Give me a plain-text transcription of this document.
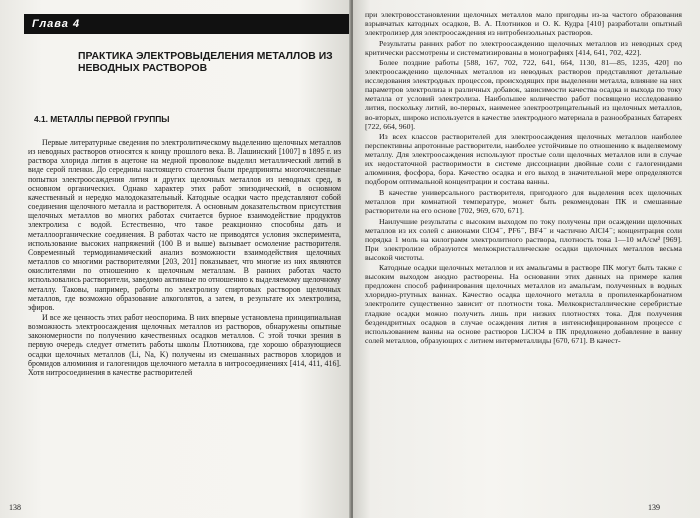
Глава 4
ПРАКТИКА ЭЛЕКТРОВЫДЕЛЕНИЯ МЕТАЛЛОВ ИЗ НЕВОДНЫХ РАСТВОРОВ
4.1. МЕТАЛЛЫ ПЕРВОЙ ГРУППЫ

Первые литературные сведения по электролитическому выделению щелочных металлов из неводных растворов относятся к концу прошлого века. В. Лашинский [1007] в 1895 г. из раствора хлорида лития в ацетоне на медной проволоке выделил металлический литий в виде серой пленки. До середины настоящего столетия были предприняты многочисленные попытки электроосаждения лития и других щелочных металлов из неводных сред, в основном органических. Однако характер этих работ эпизодический, в основном качественный и нередко малодоказательный. Катодные осадки часто представляют собой соединения щелочного металла и растворителя. А основным доказательством присутствия щелочных металлов во многих работах считается бурное взаимодействие продуктов электролиза с водой. Естественно, что такое реакционно способны дать и металлоорганические соединения. В работах часто не приводятся условия эксперимента, использование высоких напряжений (100 В и выше) вызывает осмоление растворителя. Современный термодинамический анализ возможности взаимодействия щелочных металлов со многими растворителями [203, 201] показывает, что многие из них являются окислителями по отношению к щелочным металлам. В ранних работах часто использовались растворители, заведомо активные по отношению к выделяемому щелочному металлу. Таковы, например, работы по электролизу спиртовых растворов щелочных металлов, где возможно образование алкоголятов, а затем, в результате их электролиза, эфиров.

И все же ценность этих работ неоспорима. В них впервые установлена принципиальная возможность электроосаждения щелочных металлов из растворов, обнаружены опытные закономерности по получению качественных осадков металлов. С этой точки зрения в первую очередь следует отметить работы школы Плотникова, где хорошо образующиеся осадки щелочных металлов (Li, Na, K) получены из смешанных растворов хлоридов и бромидов алюминия и галогенидов щелочного металла в нитросоединениях [414, 411, 416]. Хотя нитросоединения в качестве растворителей

138

при электровосстановлении щелочных металлов мало пригодны из-за частого образования взрывчатых катодных осадков, В. А. Плотников и О. К. Кудра [410] разработали опытный электролизер для электроосаждения из нитробензольных растворов.

Результаты ранних работ по электроосаждению щелочных металлов из неводных сред критически рассмотрены и систематизированы в монографиях [414, 641, 702, 422].

Более поздние работы [588, 167, 702, 722, 641, 664, 1130, 81—85, 1235, 420] по электроосаждению щелочных металлов из неводных растворов представляют детальные исследования электродных процессов, происходящих при выделении металла, влияние на них параметров электролиза и различных добавок, зависимости качества осадка и выхода по току металла от условий электролиза. Наибольшее количество работ посвящено исследованию лития, поскольку литий, во-первых, наименее электроотрицательный из щелочных металлов, во-вторых, широко используется в качестве электродного материала в разнообразных батареях [722, 664, 960].

Из всех классов растворителей для электроосаждения щелочных металлов наиболее перспективны апротонные растворители, наиболее устойчивые по отношению к выделяемому металлу. Для электроосаждения используют простые соли щелочных металлов или в случае их недостаточной растворимости в системе диссоциации двойные соли с галогенидами алюминия, фосфора, бора. Качество осадка и его выход в значительной мере определяются подбором оптимальной концентрации и состава ванны.

В качестве универсального растворителя, пригодного для выделения всех щелочных металлов при комнатной температуре, может быть рекомендован ПК и смешанные растворители на его основе [702, 969, 670, 671].

Наилучшие результаты с высоким выходом по току получены при осаждении щелочных металлов из их солей с анионами ClO4⁻, PF6⁻, BF4⁻ и частично AlCl4⁻; концентрация соли порядка 1 моль на килограмм электролитного раствора, плотность тока 1—10 мА/см² [969]. При электролизе образуются мелкокристаллические осадки щелочных металлов весьма высокой чистоты.

Катодные осадки щелочных металлов и их амальгамы в растворе ПК могут быть также с высоким выходом анодно растворены. На основании этих данных на примере калия предложен способ рафинирования щелочных металлов из амальгам, полученных в водных хлоридно-ртутных ваннах. Качество осадка щелочного металла в пропиленкарбонатном электролите существенно зависит от плотности тока. Мелкокристаллические серебристые гладкие осадки можно получить лишь при низких плотностях тока. Для получения бездендритных осадков в случае осаждения лития в интенсифицированном процессе с использованием ванны на основе растворов LiClO4 в ПК предложено добавление в ванну солей металлов, образующих с литием интерметаллиды [670, 671]. В качест-

139
